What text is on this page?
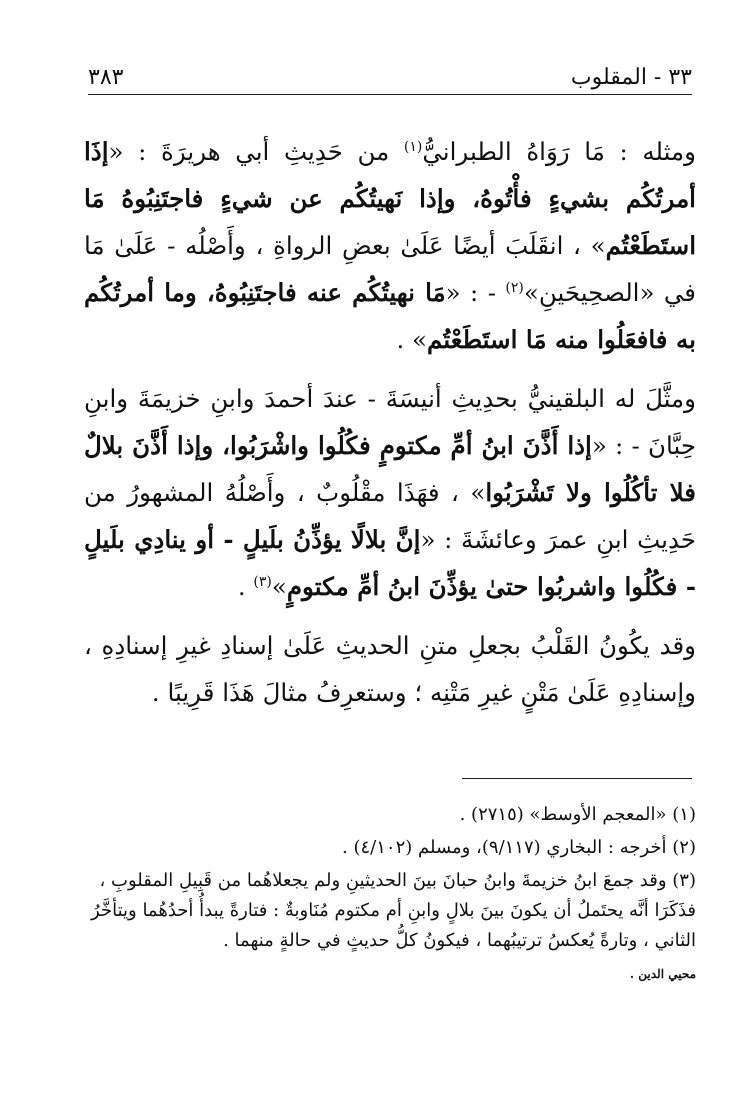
٣٨٣	٣٣ - المقلوب

ومثله : مَا رَوَاهُ الطبرانيُّ$^{(١)}$ من حَدِيثِ أبي هريرَةَ : «إذَا أمرتُكُم بشيءٍ فأْتُوهُ، وإذا نَهيتُكُم عن شيءٍ فاجتَنِبُوهُ مَا استَطَعْتُم» ، انقَلَبَ أيضًا عَلَىٰ بعضِ الرواةِ ، وأَصْلُه - عَلَىٰ مَا في «الصحِيحَينِ»$^{(٢)}$ - : «مَا نهيتُكُم عنه فاجتَنِبُوهُ، وما أمرتُكُم به فافعَلُوا منه مَا استَطَعْتُم» .

ومثَّلَ له البلقينيُّ بحدِيثِ أنيسَةَ - عندَ أحمدَ وابنِ خزيمَةَ وابنِ حِبَّانَ - : «إذا أَذَّنَ ابنُ أمِّ مكتومٍ فكُلُوا واشْرَبُوا، وإذا أَذَّنَ بلالٌ فلا تأكُلُوا ولا تَشْرَبُوا» ، فهَذَا مقْلُوبٌ ، وأَصْلُهُ المشهورُ من حَدِيثِ ابنِ عمرَ وعائشَةَ : «إنَّ بلالًا يؤذِّنُ بلَيلٍ - أو ينادِي بلَيلٍ - فكُلُوا واشربُوا حتىٰ يؤذِّنَ ابنُ أمِّ مكتومٍ»$^{(٣)}$ .

وقد يكُونُ القَلْبُ بجعلِ متنِ الحديثِ عَلَىٰ إسنادِ غيرِ إسنادِهِ ، وإسنادِهِ عَلَىٰ مَتْنٍ غيرِ مَتْنِه ؛ وستعرِفُ مثالَ هَذَا قَرِيبًا .

(١) «المعجم الأوسط» (٢٧١٥) .
(٢) أخرجه : البخاري (٩/١١٧)، ومسلم (٤/١٠٢) .
(٣) وقد جمعَ ابنُ خزيمةَ وابنُ حبانَ بينَ الحديثينِ ولم يجعلاهُما من قَبِيلِ المقلوبِ ، فذَكَرَا أنَّه يحتَملُ أن يكونَ بينَ بلالٍ وابنِ أم مكتوم مُنَاوبةٌ : فتارةً يبدأُ أحدُهُما ويتأخَّرُ الثاني ، وتارةً يُعكسُ ترتيبُهما ، فيكونُ كلُّ حديثٍ في حالةٍ منهما .
محيي الدين .
